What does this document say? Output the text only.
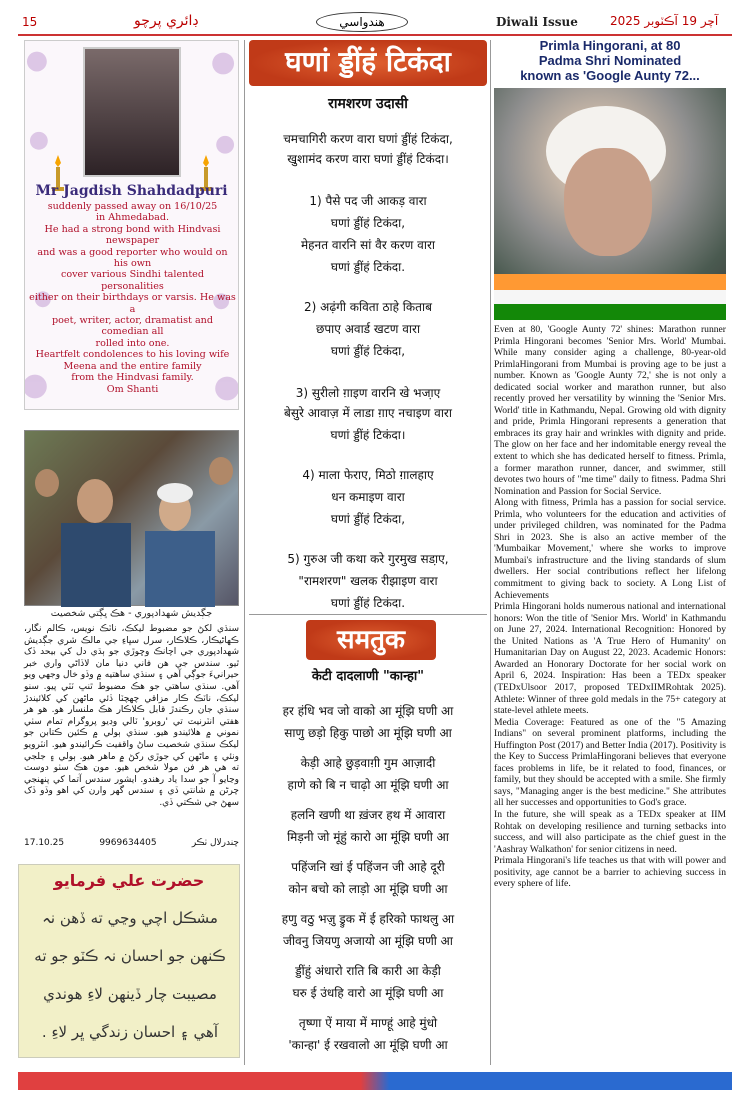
15	ڊائري پرچو	هندواسي	Diwali Issue	آچر 19 آڪٽوبر 2025
Mr Jagdish Shahdadpuri
suddenly passed away on 16/10/25
in Ahmedabad.
He had a strong bond with Hindvasi newspaper
and was a good reporter who would on his own
cover various Sindhi talented personalities
either on their birthdays or varsis. He was a
poet, writer, actor, dramatist and comedian all
rolled into one.
Heartfelt condolences to his loving wife
Meena and the entire family
from the Hindvasi family.
Om Shanti
جڳديش شهدادپوري - هڪ ڀڳتي شخصيت
سنڌي لکڻ جو مضبوط ليکڪ، ناٽڪ نويس، ڪالم نگار، ڪهاڻيڪار، ڪلاڪار، سرل سڀاءِ جي مالڪ شري جڳديش شهدادپوري جي اچانڪ وڇوڙي جو ٻڌي دل کي بيحد ڏک ٿيو. سندس جي هن فاني دنيا مان لاڏاڻي واري خبر حيرانيءَ جوڳي آهي ۽ سنڌي ساهتيه ۾ وڏو خال وجهي ويو آهي. سنڌي ساهتي جو هڪ مضبوط ٿنڀ ٽٽي پيو. سنو ليکڪ، ناٽڪ ڪار مزاقي چهچٽا ڏئي ماڻهن کي کلائيندڙ سنڌي جان رڪندڙ قابل ڪلاڪار هڪ ملنسار هو. هو هر هفتي انٽرنيٽ تي 'روبرو' ٽالي وڊيو پروگرام تمام سٺي نموني ۾ هلائيندو هيو. سنڌي ٻولي ۾ ڪئين ڪتابن جو ليکڪ سنڌي شخصيت ساڻ واقفيت ڪرائيندو هيو. انٽرويو ونئي ۽ ماڻهن کي جوڙي رکڻ ۾ ماهر هيو. ٻولي ۽ جلجي ته هي هر فن مولا شخص هيو. مون هڪ سٺو دوست وڃايو آ جو سدا ياد رهندو. ايشور سندس آتما کي پنهنجي چرڻن ۾ شانتي ڏي ۽ سندس گهر وارن کي اهو وڏو ڏک سهڻ جي شڪتي ڏي.
17.10.25	9969634405	چندرلال ٺڪر
حضرت علي فرمايو
مشڪل اچي وڃي ته ڏهن نہ
ڪنهن جو احسان نہ ڪٽو جو ته
مصيبت چار ڏينهن لاءِ هوندي
آهي ۽ احسان زندگي ڀر لاءِ .
घणां ड्डींहं टिकंदा
रामशरण उदासी
चमचागिरी करण वारा घणां ड्डींहं टिकंदा,
खुशामंद करण वारा घणां ड्डींहं टिकंदा।
1) पैसे पद जी आकड़ वारा
घणां ड्डींहं टिकंदा,
मेहनत वारनि सां वैर करण वारा
घणां ड्डींहं टिकंदा.
2) अढ़ंगी कविता ठाहे किताब
छपाए अवार्ड खटण वारा
घणां ड्डींहं टिकंदा,
3) सुरीलो ग़ाइण वारनि खे भजा़ए
बेसुरे आवाज़ में लाडा ग़ाए नचाइण वारा
घणां ड्डींहं टिकंदा।
4) माला फेराए, मिठो ग़ालहाए
धन कमाइण वारा
घणां ड्डींहं टिकंदा,
5) गुरुअ जी कथा करे गुरमुख सडा़ए,
"रामशरण" खलक रीझाइण वारा
घणां ड्डींहं टिकंदा.
समतुक
केटी दादलाणी "कान्हा"
हर हंधि भव जो वाको आ मूंझि घणी आ
साणु छड़ो हिकु पाछो आ मूंझि घणी आ
केड़ी आहे छुड़वाग़ी गुम आज़ादी
हाणे को बि न चाढ़ो आ मूंझि घणी आ
हलनि खणी था ख़ंजर हथ में आवारा
मिड़नी जो मूंहुं कारो आ मूंझि घणी आ
पहिंजनि खां ई पहिंजन जी आहे दूरी
कोन बचो को लाड़ो आ मूंझि घणी आ
हणु वठु भज़ु ड्रुक में ई हरिको फाथलु आ
जीवनु जियणु अजायो आ मूंझि घणी आ
ड्डींहुं अंधारो राति बि कारी आ केड़ी
घरु ई उंधहि वारो आ मूंझि घणी आ
तृष्णा ऐं माया में माण्हूं आहे मुंधो
'कान्हा' ई रखवालो आ मूंझि घणी आ
Primla Hingorani, at 80
Padma Shri Nominated
known as 'Google Aunty 72...

Even at 80, 'Google Aunty 72' shines: Marathon runner Primla Hingorani becomes 'Senior Mrs. World' Mumbai. While many consider aging a challenge, 80-year-old PrimlaHingorani from Mumbai is proving age to be just a number. Known as 'Google Aunty 72,' she is not only a dedicated social worker and marathon runner, but also recently proved her versatility by winning the 'Senior Mrs. World' title in Kathmandu, Nepal. Growing old with dignity and pride, Primla Hingorani represents a generation that embraces its gray hair and wrinkles with dignity and pride. The glow on her face and her indomitable energy reveal the extent to which she has dedicated herself to fitness. Primla, a former marathon runner, dancer, and swimmer, still devotes two hours of "me time" daily to fitness. Padma Shri Nomination and Passion for Social Service.

Along with fitness, Primla has a passion for social service. Primla, who volunteers for the education and activities of under privileged children, was nominated for the Padma Shri in 2023. She is also an active member of the 'Mumbaikar Movement,' where she works to improve Mumbai's infrastructure and the living standards of slum dwellers. Her social contributions reflect her lifelong commitment to giving back to society. A Long List of Achievements

Primla Hingorani holds numerous national and international honors: Won the title of 'Senior Mrs. World' in Kathmandu on June 27, 2024. International Recognition: Honored by the United Nations as 'A True Hero of Humanity' on Humanitarian Day on August 22, 2023. Academic Honors: Awarded an Honorary Doctorate for her social work on April 6, 2024. Inspiration: Has been a TEDx speaker (TEDxUlsoor 2017, proposed TEDxIIMRohtak 2025). Athlete: Winner of three gold medals in the 75+ category at state-level athlete meets.

Media Coverage: Featured as one of the "5 Amazing Indians" on several prominent platforms, including the Huffington Post (2017) and Better India (2017). Positivity is the Key to Success PrimlaHingorani believes that everyone faces problems in life, be it related to food, finances, or family, but they should be accepted with a smile. She firmly says, "Managing anger is the best medicine." She attributes all her successes and opportunities to God's grace.

In the future, she will speak as a TEDx speaker at IIM Rohtak on developing resilience and turning setbacks into success, and will also participate as the chief guest in the 'Aashray Walkathon' for senior citizens in need.

Primala Hingorani's life teaches us that with will power and positivity, age cannot be a barrier to achieving success in every sphere of life.
